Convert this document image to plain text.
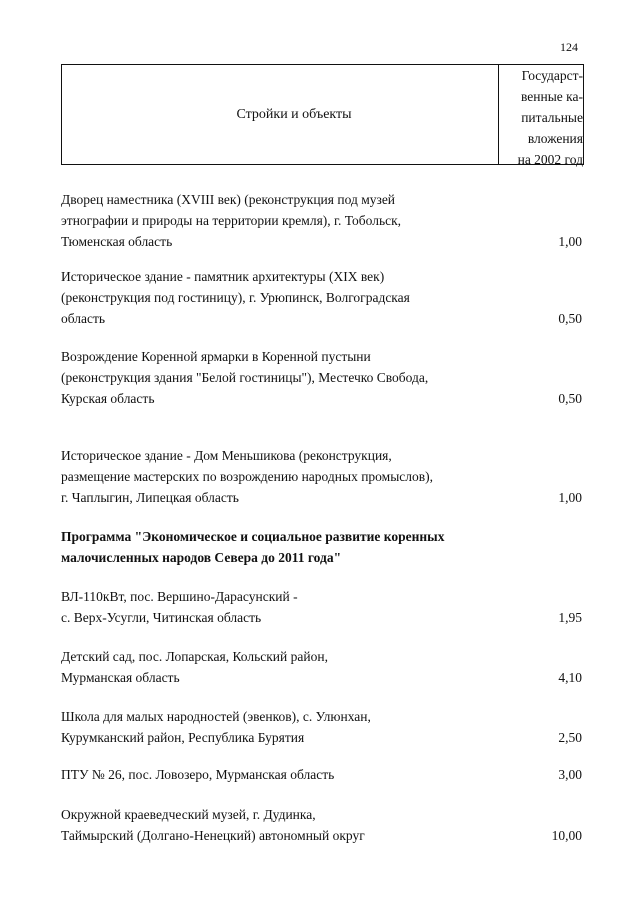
124
Стройки и объекты
Государст-
венные ка-
питальные
вложения
на 2002 год
Дворец наместника (XVIII век) (реконструкция под музей
этнографии и природы на территории кремля), г. Тобольск,
Тюменская область	1,00
Историческое здание - памятник архитектуры (XIX век)
(реконструкция под гостиницу), г. Урюпинск, Волгоградская
область	0,50
Возрождение Коренной ярмарки в Коренной пустыни
(реконструкция здания "Белой гостиницы"), Местечко Свобода,
Курская область	0,50
Историческое здание - Дом Меньшикова (реконструкция,
размещение мастерских по возрождению народных промыслов),
г. Чаплыгин, Липецкая область	1,00
Программа "Экономическое и социальное развитие коренных
малочисленных народов Севера до 2011 года"
ВЛ-110кВт, пос. Вершино-Дарасунский -
с. Верх-Усугли, Читинская область	1,95
Детский сад, пос. Лопарская, Кольский район,
Мурманская область	4,10
Школа для малых народностей (эвенков), с. Улюнхан,
Курумканский район, Республика Бурятия	2,50
ПТУ № 26, пос. Ловозеро, Мурманская область	3,00
Окружной краеведческий музей, г. Дудинка,
Таймырский (Долгано-Ненецкий) автономный округ	10,00
